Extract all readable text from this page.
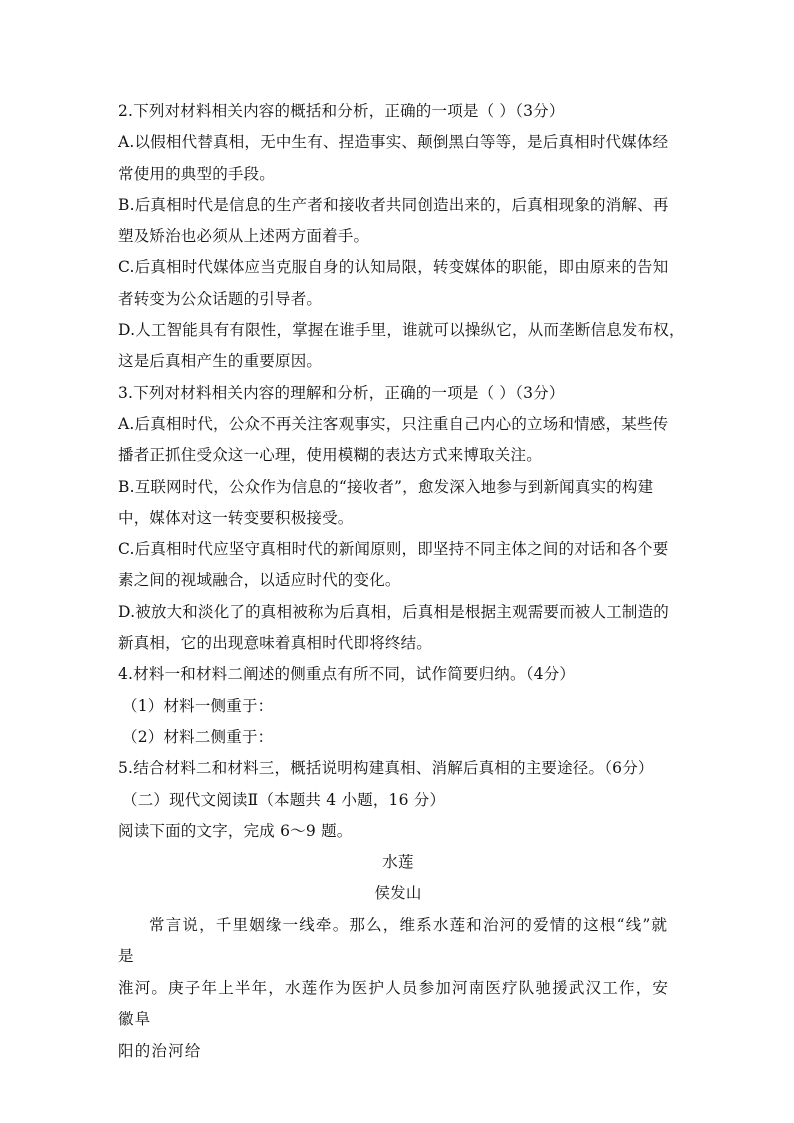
2.下列对材料相关内容的概括和分析，正确的一项是（ ）（3分）
A.以假相代替真相，无中生有、捏造事实、颠倒黑白等等，是后真相时代媒体经
常使用的典型的手段。
B.后真相时代是信息的生产者和接收者共同创造出来的，后真相现象的消解、再
塑及矫治也必须从上述两方面着手。
C.后真相时代媒体应当克服自身的认知局限，转变媒体的职能，即由原来的告知
者转变为公众话题的引导者。
D.人工智能具有有限性，掌握在谁手里，谁就可以操纵它，从而垄断信息发布权，
这是后真相产生的重要原因。
3.下列对材料相关内容的理解和分析，正确的一项是（ ）（3分）
A.后真相时代，公众不再关注客观事实，只注重自己内心的立场和情感，某些传
播者正抓住受众这一心理，使用模糊的表达方式来博取关注。
B.互联网时代，公众作为信息的“接收者”，愈发深入地参与到新闻真实的构建
中，媒体对这一转变要积极接受。
C.后真相时代应坚守真相时代的新闻原则，即坚持不同主体之间的对话和各个要
素之间的视域融合，以适应时代的变化。
D.被放大和淡化了的真相被称为后真相，后真相是根据主观需要而被人工制造的
新真相，它的出现意味着真相时代即将终结。
4.材料一和材料二阐述的侧重点有所不同，试作简要归纳。（4分）
（1）材料一侧重于：
（2）材料二侧重于：
5.结合材料二和材料三，概括说明构建真相、消解后真相的主要途径。（6分）
（二）现代文阅读Ⅱ（本题共 4 小题，16 分）
阅读下面的文字，完成 6～9 题。
水莲
侯发山
常言说，千里姻缘一线牵。那么，维系水莲和治河的爱情的这根“线”就是
淮河。庚子年上半年，水莲作为医护人员参加河南医疗队驰援武汉工作，安徽阜
阳的治河给
